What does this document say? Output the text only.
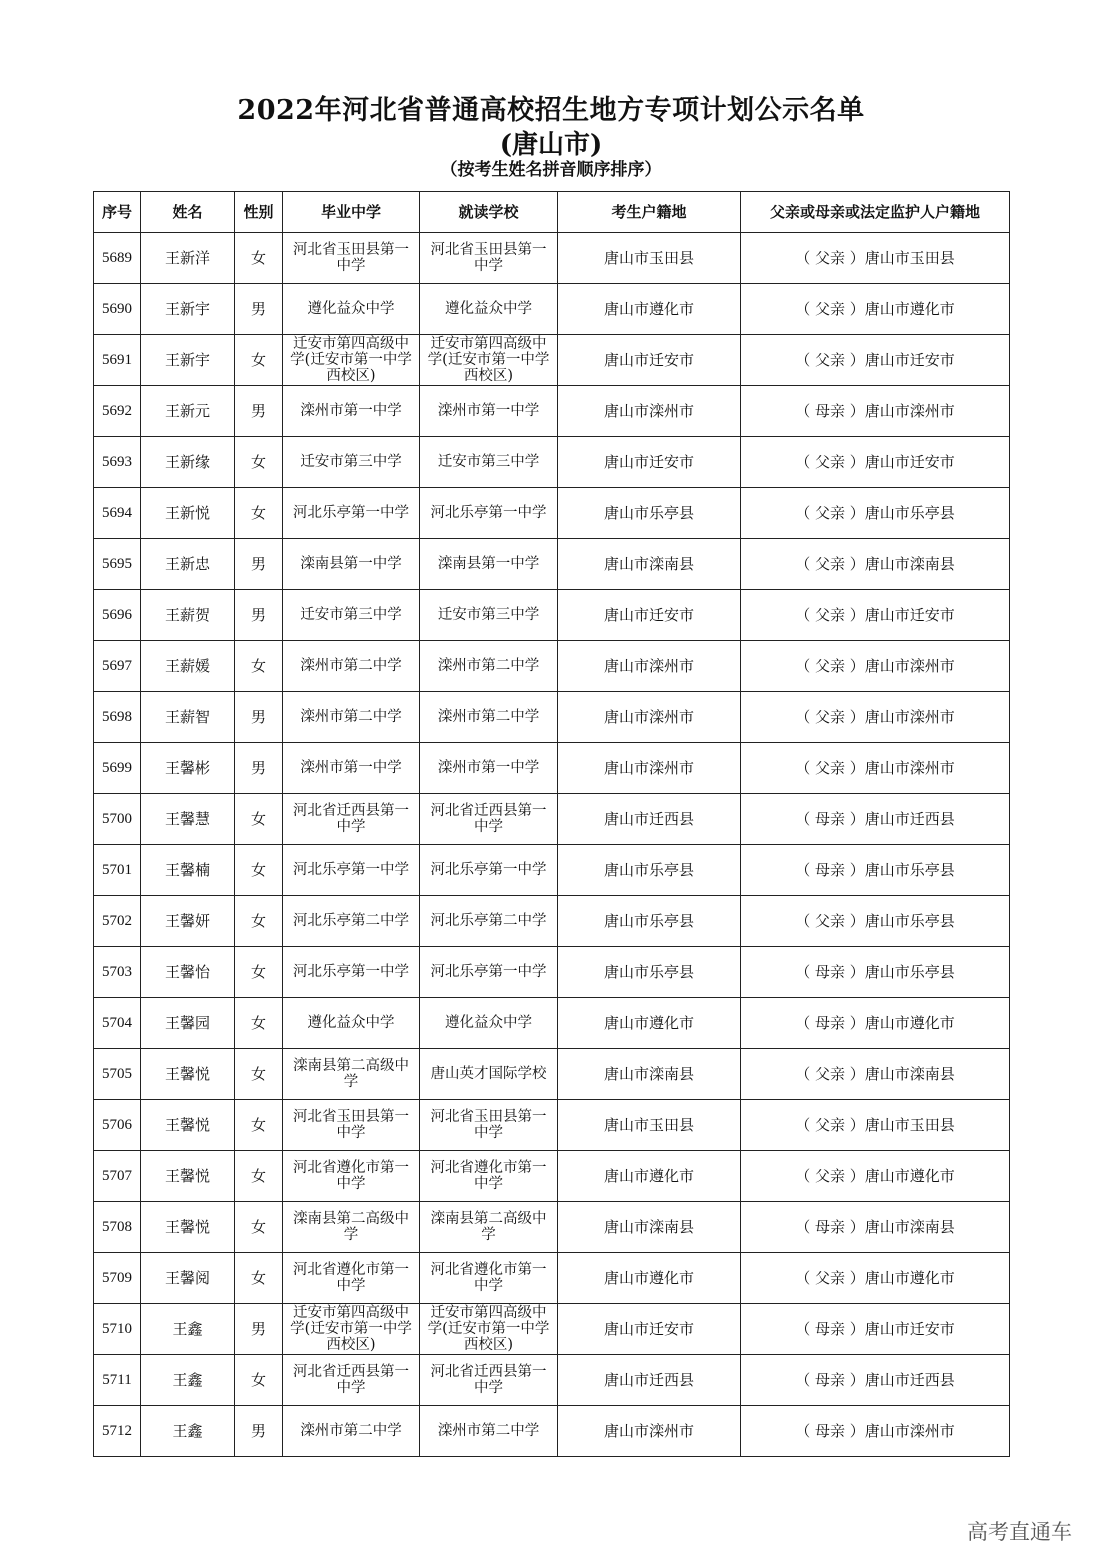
2022年河北省普通高校招生地方专项计划公示名单
(唐山市)
（按考生姓名拼音顺序排序）
序号	姓名	性别	毕业中学	就读学校	考生户籍地	父亲或母亲或法定监护人户籍地
5689	王新洋	女	河北省玉田县第一中学	河北省玉田县第一中学	唐山市玉田县	（ 父亲 ）唐山市玉田县
5690	王新宇	男	遵化益众中学	遵化益众中学	唐山市遵化市	（ 父亲 ）唐山市遵化市
5691	王新宇	女	迁安市第四高级中学(迁安市第一中学西校区)	迁安市第四高级中学(迁安市第一中学西校区)	唐山市迁安市	（ 父亲 ）唐山市迁安市
5692	王新元	男	滦州市第一中学	滦州市第一中学	唐山市滦州市	（ 母亲 ）唐山市滦州市
5693	王新缘	女	迁安市第三中学	迁安市第三中学	唐山市迁安市	（ 父亲 ）唐山市迁安市
5694	王新悦	女	河北乐亭第一中学	河北乐亭第一中学	唐山市乐亭县	（ 父亲 ）唐山市乐亭县
5695	王新忠	男	滦南县第一中学	滦南县第一中学	唐山市滦南县	（ 父亲 ）唐山市滦南县
5696	王薪贺	男	迁安市第三中学	迁安市第三中学	唐山市迁安市	（ 父亲 ）唐山市迁安市
5697	王薪媛	女	滦州市第二中学	滦州市第二中学	唐山市滦州市	（ 父亲 ）唐山市滦州市
5698	王薪智	男	滦州市第二中学	滦州市第二中学	唐山市滦州市	（ 父亲 ）唐山市滦州市
5699	王馨彬	男	滦州市第一中学	滦州市第一中学	唐山市滦州市	（ 父亲 ）唐山市滦州市
5700	王馨慧	女	河北省迁西县第一中学	河北省迁西县第一中学	唐山市迁西县	（ 母亲 ）唐山市迁西县
5701	王馨楠	女	河北乐亭第一中学	河北乐亭第一中学	唐山市乐亭县	（ 母亲 ）唐山市乐亭县
5702	王馨妍	女	河北乐亭第二中学	河北乐亭第二中学	唐山市乐亭县	（ 父亲 ）唐山市乐亭县
5703	王馨怡	女	河北乐亭第一中学	河北乐亭第一中学	唐山市乐亭县	（ 母亲 ）唐山市乐亭县
5704	王馨园	女	遵化益众中学	遵化益众中学	唐山市遵化市	（ 母亲 ）唐山市遵化市
5705	王馨悦	女	滦南县第二高级中学	唐山英才国际学校	唐山市滦南县	（ 父亲 ）唐山市滦南县
5706	王馨悦	女	河北省玉田县第一中学	河北省玉田县第一中学	唐山市玉田县	（ 父亲 ）唐山市玉田县
5707	王馨悦	女	河北省遵化市第一中学	河北省遵化市第一中学	唐山市遵化市	（ 父亲 ）唐山市遵化市
5708	王馨悦	女	滦南县第二高级中学	滦南县第二高级中学	唐山市滦南县	（ 母亲 ）唐山市滦南县
5709	王馨阅	女	河北省遵化市第一中学	河北省遵化市第一中学	唐山市遵化市	（ 父亲 ）唐山市遵化市
5710	王鑫	男	迁安市第四高级中学(迁安市第一中学西校区)	迁安市第四高级中学(迁安市第一中学西校区)	唐山市迁安市	（ 母亲 ）唐山市迁安市
5711	王鑫	女	河北省迁西县第一中学	河北省迁西县第一中学	唐山市迁西县	（ 母亲 ）唐山市迁西县
5712	王鑫	男	滦州市第二中学	滦州市第二中学	唐山市滦州市	（ 母亲 ）唐山市滦州市
高考直通车
